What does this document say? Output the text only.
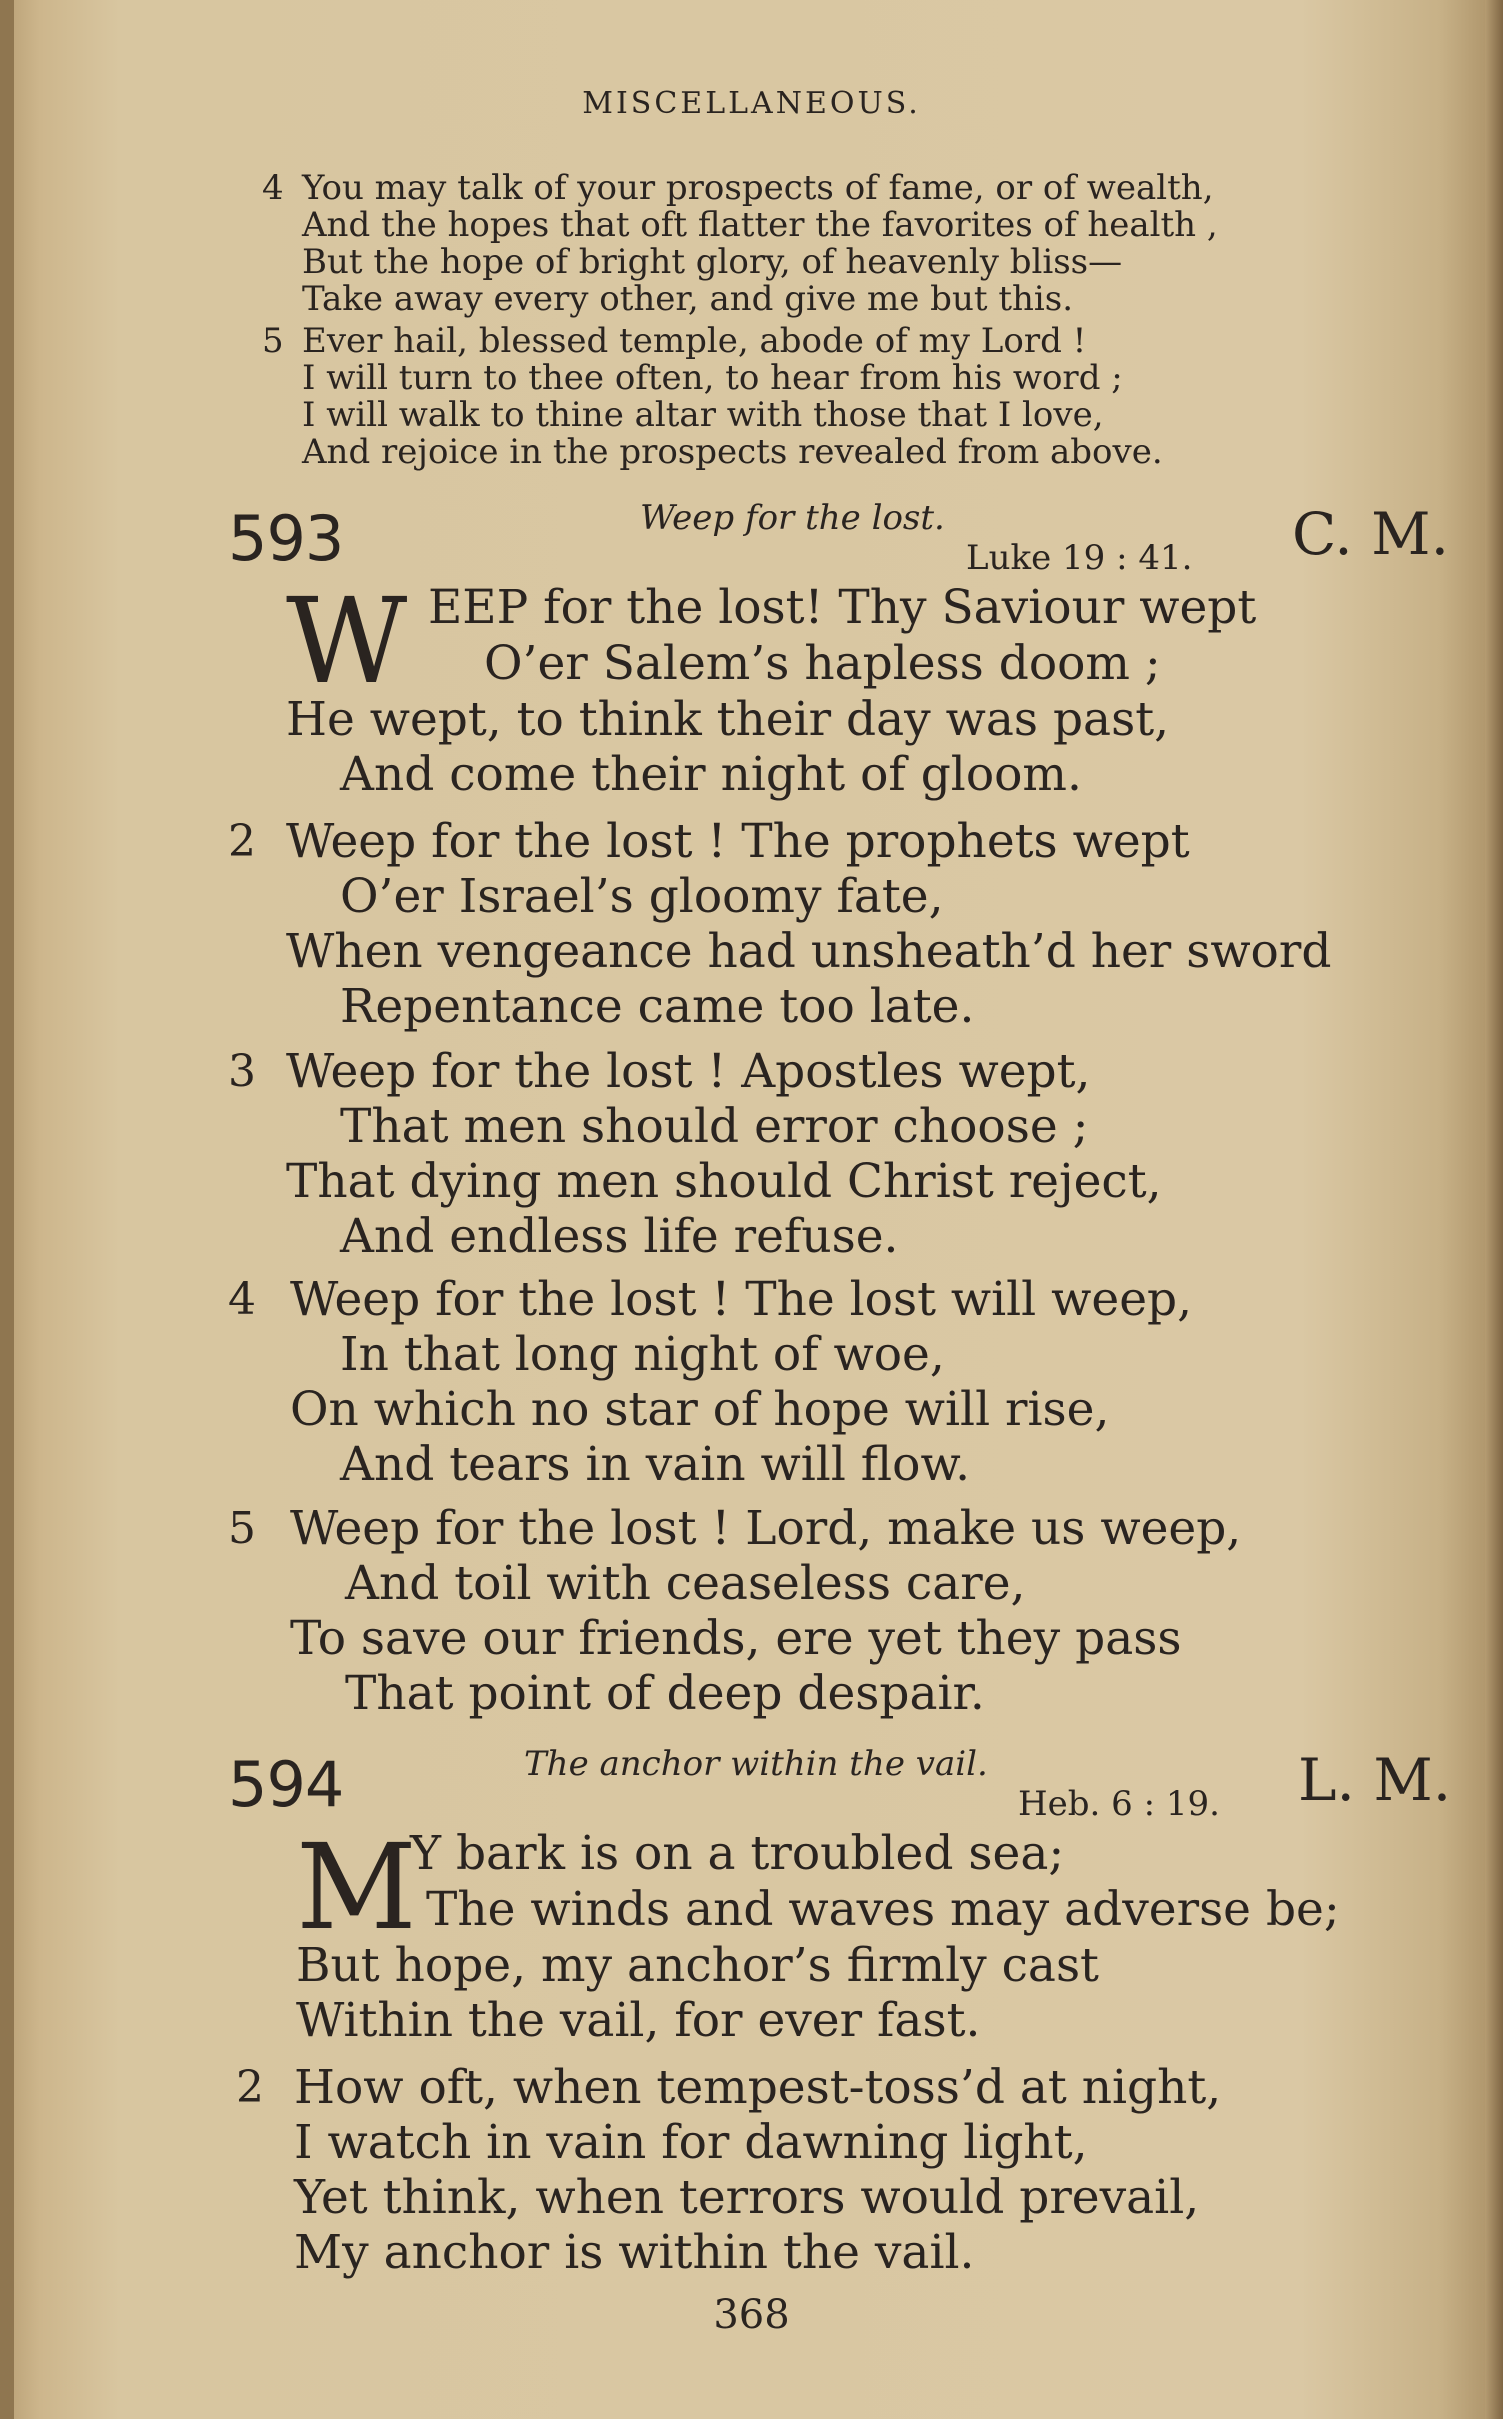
MISCELLANEOUS.
4 You may talk of your prospects of fame, or of wealth,
And the hopes that oft flatter the favorites of health ,
But the hope of bright glory, of heavenly bliss—
Take away every other, and give me but this.
5 Ever hail, blessed temple, abode of my Lord !
I will turn to thee often, to hear from his word ;
I will walk to thine altar with those that I love,
And rejoice in the prospects revealed from above.
593	Weep for the lost.
Luke 19 : 41. C. M.
W EEP for the lost! Thy Saviour wept
O’er Salem’s hapless doom ;
He wept, to think their day was past,
And come their night of gloom.
2 Weep for the lost ! The prophets wept
O’er Israel’s gloomy fate,
When vengeance had unsheath’d her sword
Repentance came too late.
3 Weep for the lost ! Apostles wept,
That men should error choose ;
That dying men should Christ reject,
And endless life refuse.
4 Weep for the lost ! The lost will weep,
In that long night of woe,
On which no star of hope will rise,
And tears in vain will flow.
5 Weep for the lost ! Lord, make us weep,
And toil with ceaseless care,
To save our friends, ere yet they pass
That point of deep despair.
594	The anchor within the vail.
Heb. 6 : 19. L. M.
M
Y bark is on a troubled sea;
The winds and waves may adverse be;
But hope, my anchor’s firmly cast
Within the vail, for ever fast.
2 How oft, when tempest-toss’d at night,
I watch in vain for dawning light,
Yet think, when terrors would prevail,
My anchor is within the vail.
368
